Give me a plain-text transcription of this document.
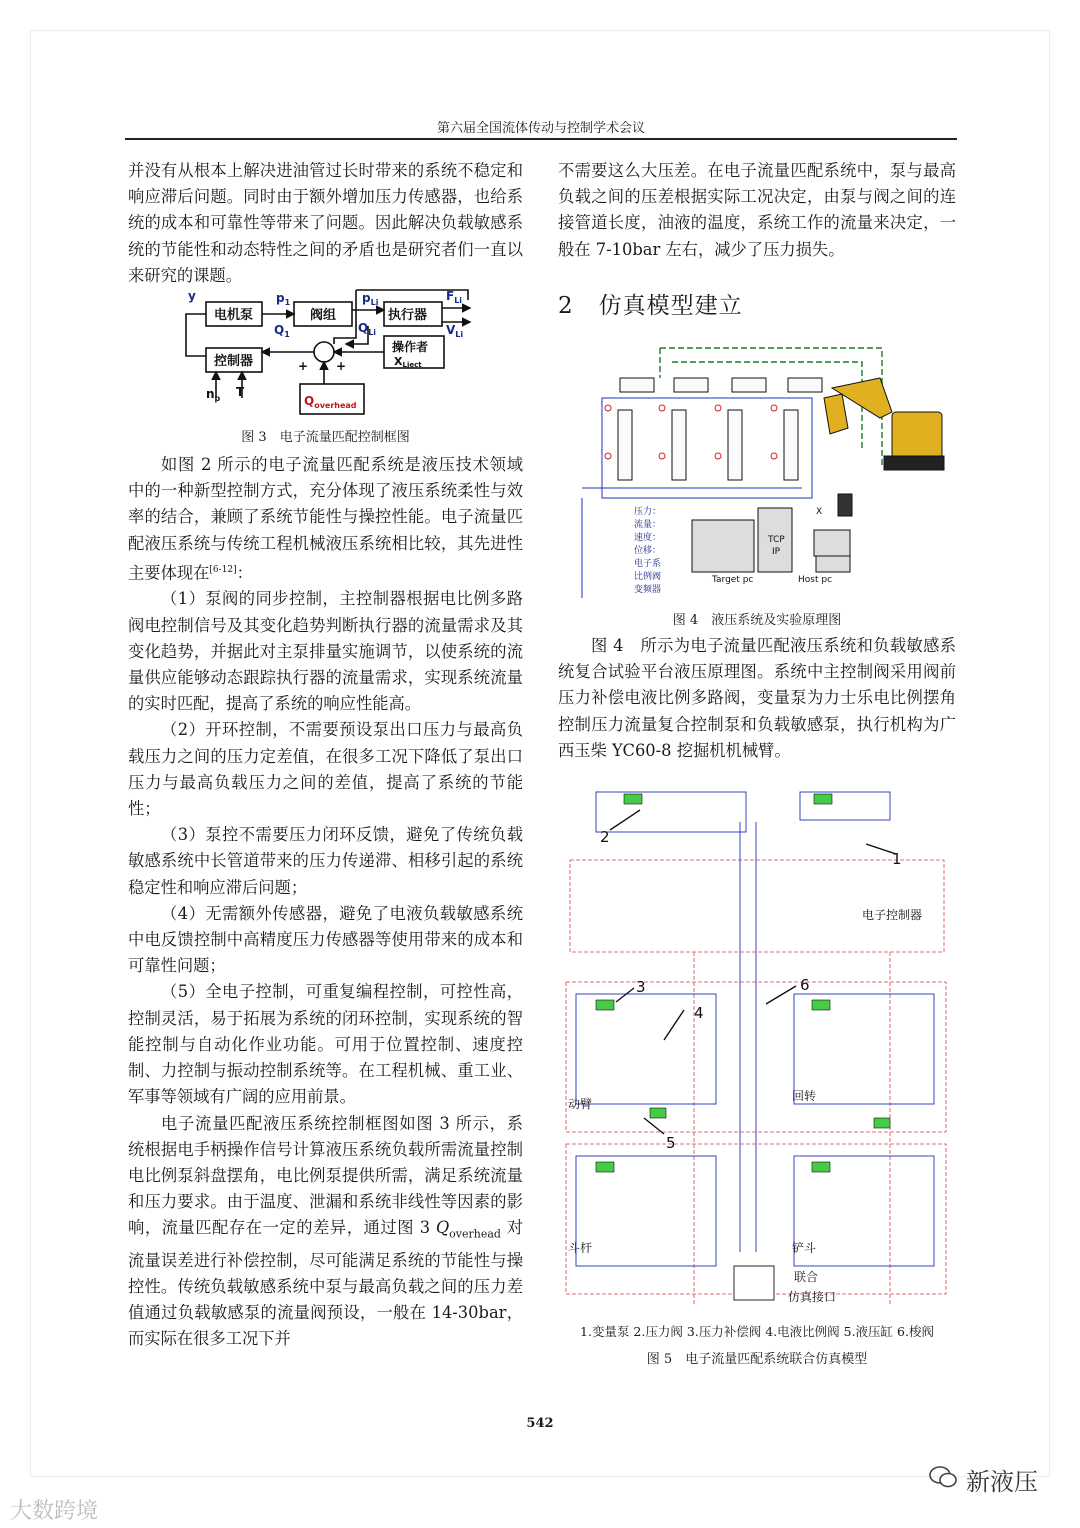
第六届全国流体传动与控制学术会议

并没有从根本上解决进油管过长时带来的系统不稳定和响应滞后问题。同时由于额外增加压力传感器，也给系统的成本和可靠性等带来了问题。因此解决负载敏感系统的节能性和动态特性之间的矛盾也是研究者们一直以来研究的课题。

电机泵	阀组	执行器
控制器
操作者
y	$p_1$
$Q_1$
$p_{Li}$
$Q_{Li}$
$F_{Li}$
$V_{Li}$
XLject
$n_p$ T
$Q_{overhead}$
+ +
图 3　电子流量匹配控制框图

如图 2 所示的电子流量匹配系统是液压技术领域中的一种新型控制方式，充分体现了液压系统柔性与效率的结合，兼顾了系统节能性与操控性能。电子流量匹配液压系统与传统工程机械液压系统相比较，其先进性主要体现在[6-12]：

（1）泵阀的同步控制，主控制器根据电比例多路阀电控制信号及其变化趋势判断执行器的流量需求及其变化趋势，并据此对主泵排量实施调节，以使系统的流量供应能够动态跟踪执行器的流量需求，实现系统流量的实时匹配，提高了系统的响应性能高。

（2）开环控制，不需要预设泵出口压力与最高负载压力之间的压力定差值，在很多工况下降低了泵出口压力与最高负载压力之间的差值，提高了系统的节能性；

（3）泵控不需要压力闭环反馈，避免了传统负载敏感系统中长管道带来的压力传递滞、相移引起的系统稳定性和响应滞后问题；

（4）无需额外传感器，避免了电液负载敏感系统中电反馈控制中高精度压力传感器等使用带来的成本和可靠性问题；

（5）全电子控制，可重复编程控制，可控性高，控制灵活，易于拓展为系统的闭环控制，实现系统的智能控制与自动化作业功能。可用于位置控制、速度控制、力控制与振动控制系统等。在工程机械、重工业、军事等领域有广阔的应用前景。

电子流量匹配液压系统控制框图如图 3 所示，系统根据电手柄操作信号计算液压系统负载所需流量控制电比例泵斜盘摆角，电比例泵提供所需，满足系统流量和压力要求。由于温度、泄漏和系统非线性等因素的影响，流量匹配存在一定的差异，通过图 3 $Q_{overhead}$ 对流量误差进行补偿控制，尽可能满足系统的节能性与操控性。传统负载敏感系统中泵与最高负载之间的压力差值通过负载敏感泵的流量阀预设，一般在 14-30bar，而实际在很多工况下并

不需要这么大压差。在电子流量匹配系统中，泵与最高负载之间的压差根据实际工况决定，由泵与阀之间的连接管道长度，油液的温度，系统工作的流量来决定，一般在 7-10bar 左右，减少了压力损失。

2 仿真模型建立
压力：
流量：
速度：
位移：
电子系
比例阀
变频器
Target pc	Host pc
TCP
IP
X
图 4　液压系统及实验原理图

图 4　所示为电子流量匹配液压系统和负载敏感系统复合试验平台液压原理图。系统中主控制阀采用阀前压力补偿电液比例多路阀，变量泵为力士乐电比例摆角控制压力流量复合控制泵和负载敏感泵，执行机构为广西玉柴 YC60-8 挖掘机机械臂。

2
1
3
4
5
6
电子控制器
动臂
回转
斗杆	铲斗
联合
仿真接口
1.变量泵 2.压力阀 3.压力补偿阀 4.电液比例阀 5.液压缸 6.梭阀
图 5　电子流量匹配系统联合仿真模型
542
大数跨境
新液压
